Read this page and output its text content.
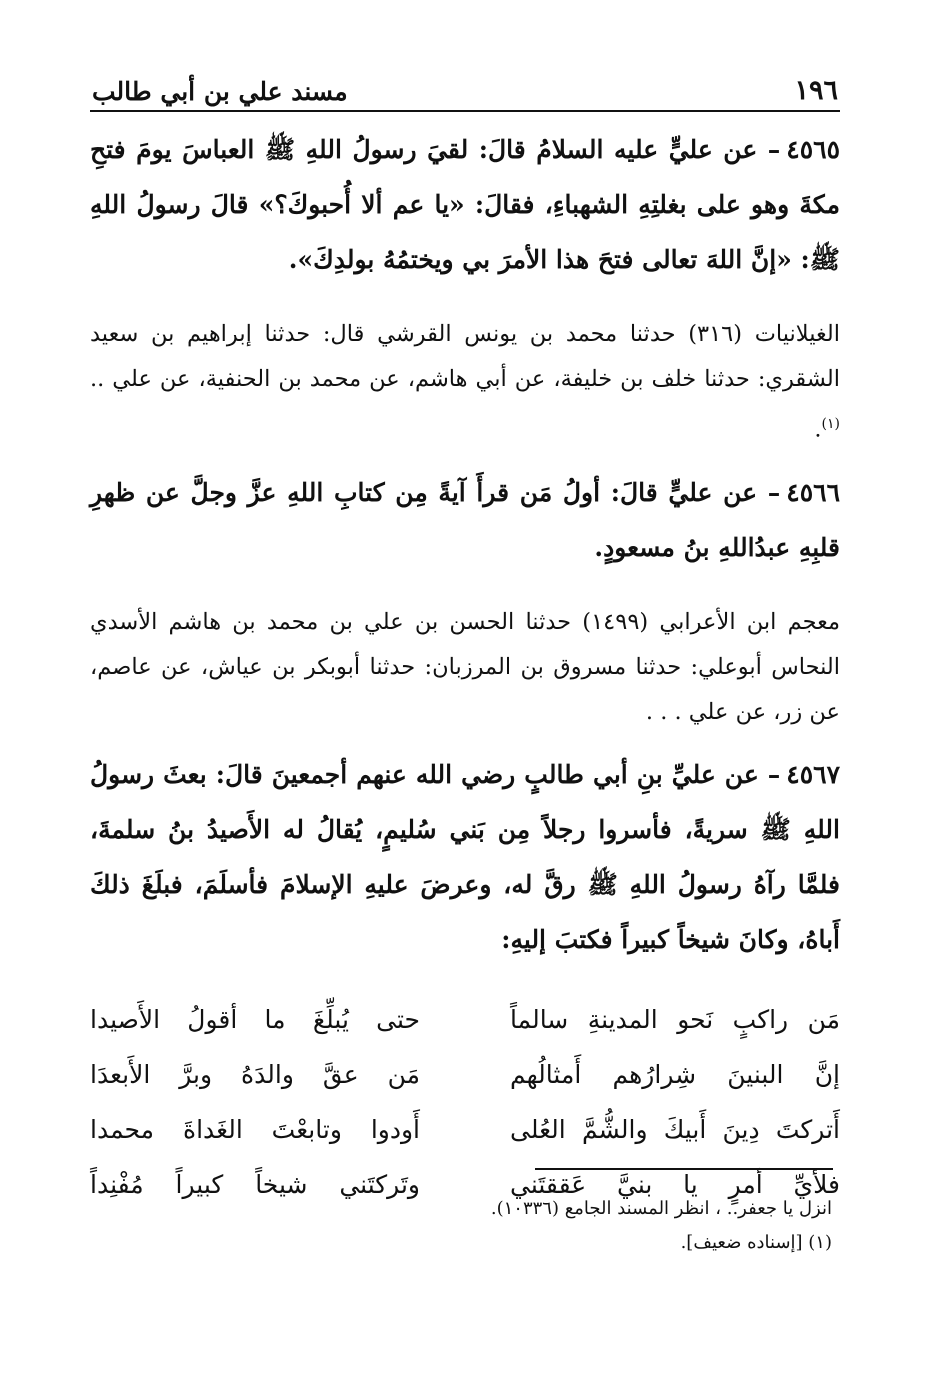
١٩٦
مسند علي بن أبي طالب

٤٥٦٥– عن عليٍّ عليه السلامُ قالَ: لقيَ رسولُ اللهِ ﷺ العباسَ يومَ فتحِ مكةَ وهو على بغلتِهِ الشهباءِ، فقالَ: «يا عم ألا أُحبوكَ؟» قالَ رسولُ اللهِ ﷺ: «إنَّ اللهَ تعالى فتحَ هذا الأمرَ بي ويختمُهُ بولدِكَ».

الغيلانيات (٣١٦) حدثنا محمد بن يونس القرشي قال: حدثنا إبراهيم بن سعيد الشقري: حدثنا خلف بن خليفة، عن أبي هاشم، عن محمد بن الحنفية، عن علي ..$^{(١)}$.

٤٥٦٦– عن عليٍّ قالَ: أولُ مَن قرأَ آيةً مِن كتابِ اللهِ عزَّ وجلَّ عن ظهرِ قلبِهِ عبدُاللهِ بنُ مسعودٍ.

معجم ابن الأعرابي (١٤٩٩) حدثنا الحسن بن علي بن محمد بن هاشم الأسدي النحاس أبوعلي: حدثنا مسروق بن المرزبان: حدثنا أبوبكر بن عياش، عن عاصم، عن زر، عن علي . . .

٤٥٦٧– عن عليِّ بنِ أبي طالبٍ رضي الله عنهم أجمعينَ قالَ: بعثَ رسولُ اللهِ ﷺ سريةً، فأسروا رجلاً مِن بَني سُليمٍ، يُقالُ له الأَصيدُ بنُ سلمةَ، فلمَّا رآهُ رسولُ اللهِ ﷺ رقَّ له، وعرضَ عليهِ الإسلامَ فأسلَمَ، فبلَغَ ذلكَ أَباهُ، وكانَ شيخاً كبيراً فكتبَ إليهِ:

مَن راكبٍ نَحو المدينةِ سالماً
حتى يُبلِّغَ ما أقولُ الأَصيدا
إنَّ البنينَ شِرارُهم أَمثالُهم
مَن عقَّ والدَهُ وبرَّ الأَبعدَا
أَتركتَ دِينَ أَبيكَ والشُّمَّ العُلى
أَودوا وتابعْتَ الغَداةَ محمدا
فلأيِّ أمرٍ يا بنيَّ عَققتَني
وتَركتَني شيخاً كبيراً مُفْنِداً
انزل يا جعفر.. ، انظر المسند الجامع (١٠٣٣٦).
(١) [إسناده ضعيف].
